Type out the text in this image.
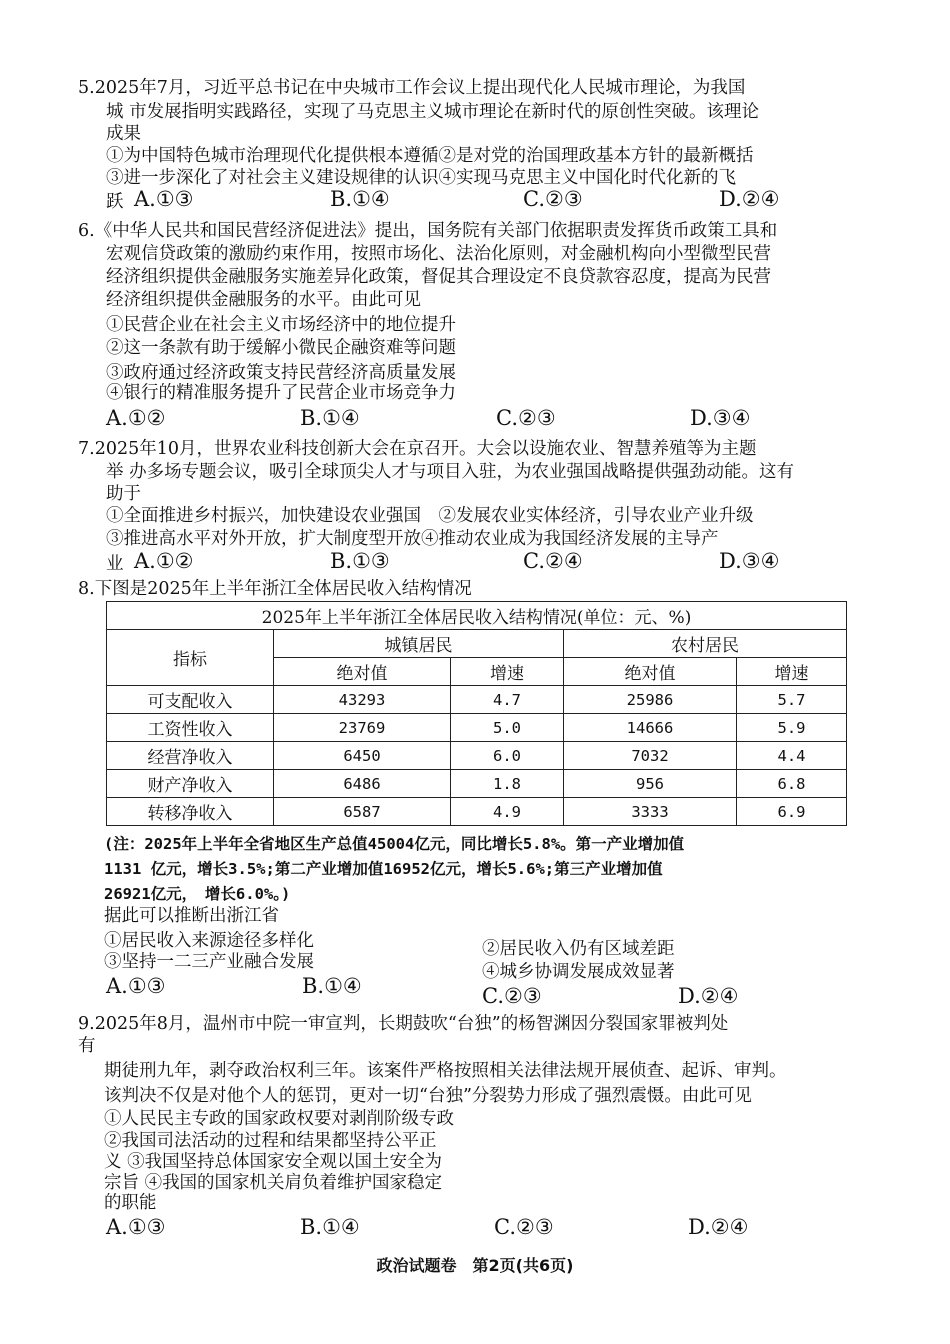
5.2025年7月，习近平总书记在中央城市工作会议上提出现代化人民城市理论，为我国
城 市发展指明实践路径，实现了马克思主义城市理论在新时代的原创性突破。该理论
成果
①为中国特色城市治理现代化提供根本遵循②是对党的治国理政基本方针的最新概括
③进一步深化了对社会主义建设规律的认识④实现马克思主义中国化时代化新的飞
跃 A.①③	B.①④	C.②③	D.②④
6.《中华人民共和国民营经济促进法》提出，国务院有关部门依据职责发挥货币政策工具和
宏观信贷政策的激励约束作用，按照市场化、法治化原则，对金融机构向小型微型民营
经济组织提供金融服务实施差异化政策，督促其合理设定不良贷款容忍度，提高为民营
经济组织提供金融服务的水平。由此可见
①民营企业在社会主义市场经济中的地位提升
②这一条款有助于缓解小微民企融资难等问题
③政府通过经济政策支持民营经济高质量发展
④银行的精准服务提升了民营企业市场竞争力
A.①②	B.①④	C.②③	D.③④
7.2025年10月，世界农业科技创新大会在京召开。大会以设施农业、智慧养殖等为主题
举 办多场专题会议，吸引全球顶尖人才与项目入驻，为农业强国战略提供强劲动能。这有
助于
①全面推进乡村振兴，加快建设农业强国　②发展农业实体经济，引导农业产业升级
③推进高水平对外开放，扩大制度型开放④推动农业成为我国经济发展的主导产
业 A.①②	B.①③	C.②④	D.③④
8.下图是2025年上半年浙江全体居民收入结构情况
2025年上半年浙江全体居民收入结构情况(单位：元、%)				
指标	城镇居民		农村居民	
	绝对值	增速	绝对值	增速
可支配收入	43293	4.7	25986	5.7
工资性收入	23769	5.0	14666	5.9
经营净收入	6450	6.0	7032	4.4
财产净收入	6486	1.8	956	6.8
转移净收入	6587	4.9	3333	6.9
(注：2025年上半年全省地区生产总值45004亿元，同比增长5.8%。第一产业增加值
1131 亿元，增长3.5%;第二产业增加值16952亿元，增长5.6%;第三产业增加值
26921亿元，　增长6.0%。)
据此可以推断出浙江省
①居民收入来源途径多样化	②居民收入仍有区域差距
③坚持一二三产业融合发展	④城乡协调发展成效显著
A.①③	B.①④	C.②③	D.②④
9.2025年8月，温州市中院一审宣判，长期鼓吹“台独”的杨智渊因分裂国家罪被判处
有
期徒刑九年，剥夺政治权利三年。该案件严格按照相关法律法规开展侦查、起诉、审判。
该判决不仅是对他个人的惩罚，更对一切“台独”分裂势力形成了强烈震慑。由此可见
①人民民主专政的国家政权要对剥削阶级专政
②我国司法活动的过程和结果都坚持公平正
义 ③我国坚持总体国家安全观以国土安全为
宗旨 ④我国的国家机关肩负着维护国家稳定
的职能
A.①③	B.①④	C.②③	D.②④
政治试题卷　第2页(共6页)
